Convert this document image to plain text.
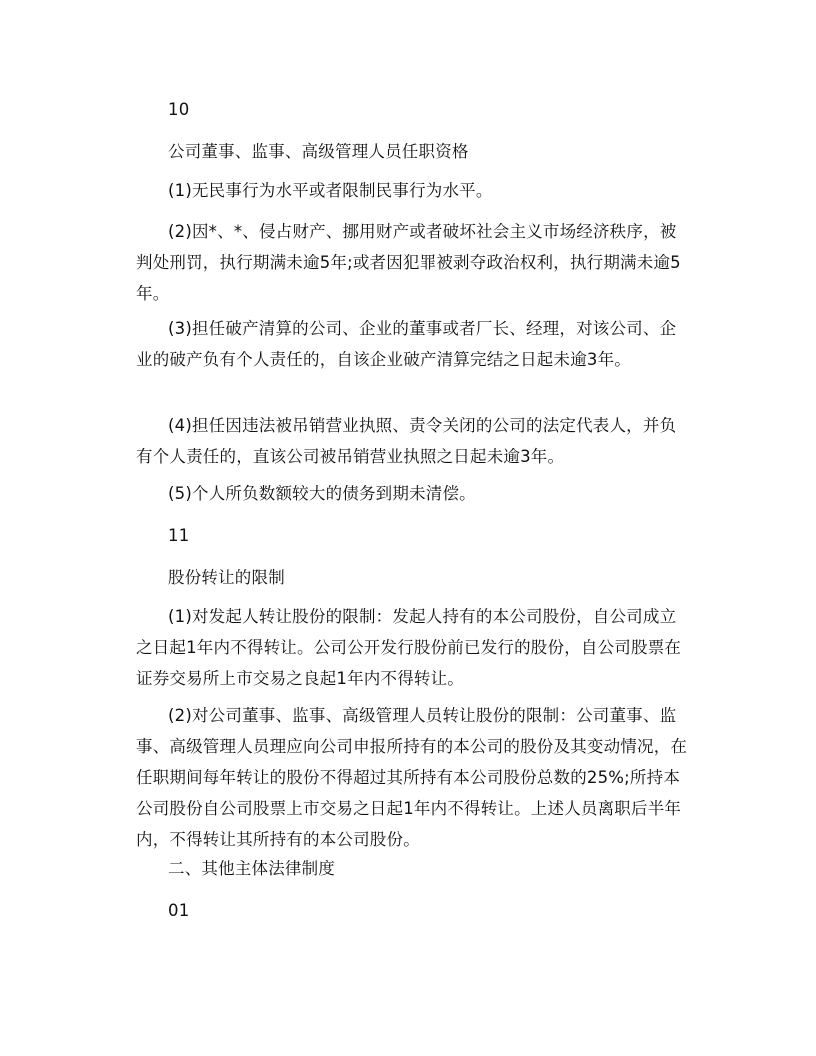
10

公司董事、监事、高级管理人员任职资格

(1)无民事行为水平或者限制民事行为水平。

(2)因*、*、侵占财产、挪用财产或者破坏社会主义市场经济秩序，被判处刑罚，执行期满未逾5年;或者因犯罪被剥夺政治权利，执行期满未逾5年。

(3)担任破产清算的公司、企业的董事或者厂长、经理，对该公司、企业的破产负有个人责任的，自该企业破产清算完结之日起未逾3年。

(4)担任因违法被吊销营业执照、责令关闭的公司的法定代表人，并负有个人责任的，直该公司被吊销营业执照之日起未逾3年。

(5)个人所负数额较大的债务到期未清偿。

11

股份转让的限制

(1)对发起人转让股份的限制：发起人持有的本公司股份，自公司成立之日起1年内不得转让。公司公开发行股份前已发行的股份，自公司股票在证券交易所上市交易之良起1年内不得转让。

(2)对公司董事、监事、高级管理人员转让股份的限制：公司董事、监事、高级管理人员理应向公司申报所持有的本公司的股份及其变动情况，在任职期间每年转让的股份不得超过其所持有本公司股份总数的25%;所持本公司股份自公司股票上市交易之日起1年内不得转让。上述人员离职后半年内，不得转让其所持有的本公司股份。

二、其他主体法律制度

01
